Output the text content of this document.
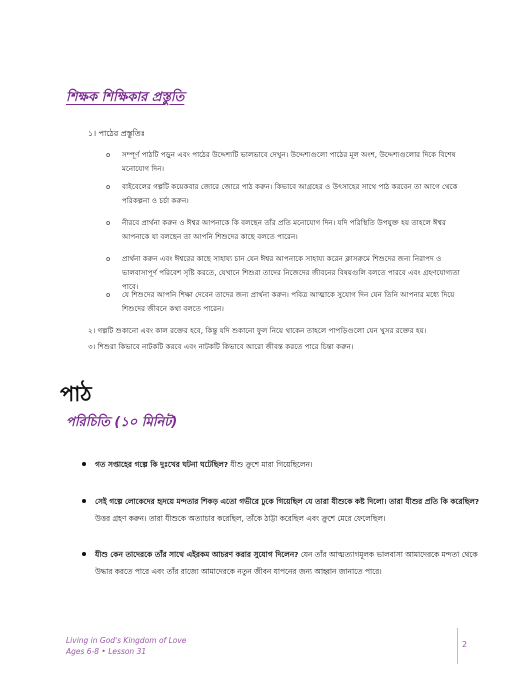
শিক্ষক শিক্ষিকার প্রস্তুতি
১। পাঠের প্রস্তুতিঃ
o সম্পূর্ণ পাঠটি পড়ুন এবং পাঠের উদ্দেশ্যটি ভালভাবে দেখুন। উদ্দেশ্যগুলো পাঠের মূল অংশ, উদ্দেশ্যগুলোর দিকে বিশেষ মনোযোগ দিন।
o বাইবেলের গল্পটি কয়েকবার জোরে জোরে পাঠ করুন। কিভাবে আগ্রহের ও উৎসাহের সাথে পাঠ করবেন তা আগে থেকে পরিকল্পনা ও চর্চা করুন।
o নীরবে প্রার্থনা করুন ও ঈশ্বর আপনাকে কি বলছেন তাঁর প্রতি মনোযোগ দিন। যদি পরিস্থিতি উপযুক্ত হয় তাহলে ঈশ্বর আপনাকে যা বলছেন তা আপনি শিশুদের কাছে বলতে পারেন।
o প্রার্থনা করুন এবং ঈশ্বরের কাছে সাহায্য চান যেন ঈশ্বর আপনাকে সাহায্য করেন ক্লাসরুমে শিশুদের জন্য নিরাপদ ও ভালবাসাপূর্ণ পরিবেশ সৃষ্টি করতে, যেখানে শিশুরা তাদের নিজেদের জীবনের বিষয়গুলি বলতে পারবে এবং গ্রহণযোগ্যতা পাবে।
o যে শিশুদের আপনি শিক্ষা দেবেন তাদের জন্য প্রার্থনা করুন। পবিত্র আত্মাকে সুযোগ দিন যেন তিনি আপনার মধ্যে দিয়ে শিশুদের জীবনে কথা বলতে পারেন।
২। গল্পটি শুকানো এবং কাল রক্তের হবে, কিন্তু যদি শুকানো ফুল নিয়ে থাকেন তাহলে পাপড়িগুলো যেন খুসর রক্তের হয়।
৩। শিশুরা কিভাবে নাটকটি করবে এবং নাটকটি কিভাবে আরো জীবন্ত করতে পারে চিন্তা করুন।
পাঠ
পরিচিতি (১০ মিনিট)
গত সপ্তাহের গল্পে কি দুঃখের ঘটনা ঘটেছিল? যীশু ক্রুশে মারা গিয়েছিলেন।
সেই গল্পে লোকেদের হৃদয়ে মন্দতার শিকড় এতো গভীরে ঢুকে গিয়েছিল যে তারা যীশুকে কষ্ট দিলো। তারা যীশুর প্রতি কি করেছিল? উত্তর গ্রহণ করুন। তারা যীশুকে অত্যাচার করেছিল, তাঁকে ঠাট্টা করেছিল এবং ক্রুশে মেরে ফেলেছিল।
যীশু কেন তাদেরকে তাঁর সাথে এইরকম আচরণ করার সুযোগ দিলেন? যেন তাঁর আত্মত্যাগমূলক ভালবাসা আমাদেরকে মন্দতা থেকে উদ্ধার করতে পারে এবং তাঁর রাজ্যে আমাদেরকে নতুন জীবন যাপনের জন্য আহ্বান জানাতে পারে।
Living in God's Kingdom of Love
Ages 6-8 • Lesson 31
2
